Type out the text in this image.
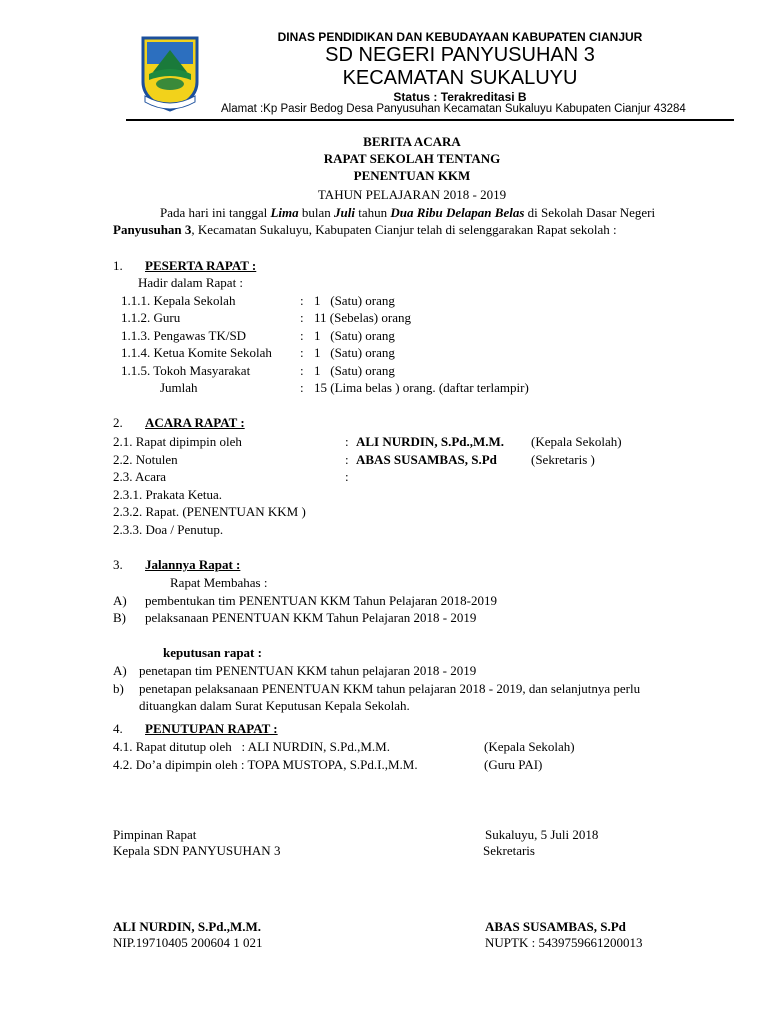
DINAS PENDIDIKAN DAN KEBUDAYAAN KABUPATEN CIANJUR
SD NEGERI PANYUSUHAN 3
KECAMATAN SUKALUYU
Status : Terakreditasi B
Alamat :Kp Pasir Bedog Desa Panyusuhan Kecamatan Sukaluyu Kabupaten Cianjur 43284
BERITA ACARA
RAPAT SEKOLAH TENTANG
PENENTUAN KKM
TAHUN PELAJARAN 2018 - 2019
Pada hari ini tanggal Lima bulan Juli tahun Dua Ribu Delapan Belas di Sekolah Dasar Negeri
Panyusuhan 3, Kecamatan Sukaluyu, Kabupaten Cianjur telah di selenggarakan Rapat sekolah :
1. PESERTA RAPAT :
Hadir dalam Rapat :
1.1.1. Kepala Sekolah	: 1   (Satu) orang
1.1.2. Guru	: 11 (Sebelas) orang
1.1.3. Pengawas TK/SD	: 1   (Satu) orang
1.1.4. Ketua Komite Sekolah : 1   (Satu) orang
1.1.5. Tokoh Masyarakat	: 1   (Satu) orang
Jumlah	: 15 (Lima belas ) orang. (daftar terlampir)
2. ACARA RAPAT :
2.1. Rapat dipimpin oleh	: ALI NURDIN, S.Pd.,M.M. (Kepala Sekolah)
2.2. Notulen	: ABAS SUSAMBAS, S.Pd	(Sekretaris )
2.3. Acara	:
2.3.1. Prakata Ketua.
2.3.2. Rapat. (PENENTUAN KKM )
2.3.3. Doa / Penutup.
3. Jalannya Rapat :
Rapat Membahas :
A) pembentukan tim PENENTUAN KKM Tahun Pelajaran 2018-2019
B) pelaksanaan PENENTUAN KKM Tahun Pelajaran 2018 - 2019
keputusan rapat :
A) penetapan tim PENENTUAN KKM tahun pelajaran 2018 - 2019
b) penetapan pelaksanaan PENENTUAN KKM tahun pelajaran 2018 - 2019, dan selanjutnya perlu
dituangkan dalam Surat Keputusan Kepala Sekolah.
4. PENUTUPAN RAPAT :
4.1. Rapat ditutup oleh   : ALI NURDIN, S.Pd.,M.M.	(Kepala Sekolah)
4.2. Do’a dipimpin oleh : TOPA MUSTOPA, S.Pd.I.,M.M.	(Guru PAI)
Pimpinan Rapat
Kepala SDN PANYUSUHAN 3
ALI NURDIN, S.Pd.,M.M.
NIP.19710405 200604 1 021
Sukaluyu, 5 Juli 2018
Sekretaris
ABAS SUSAMBAS, S.Pd
NUPTK : 5439759661200013
